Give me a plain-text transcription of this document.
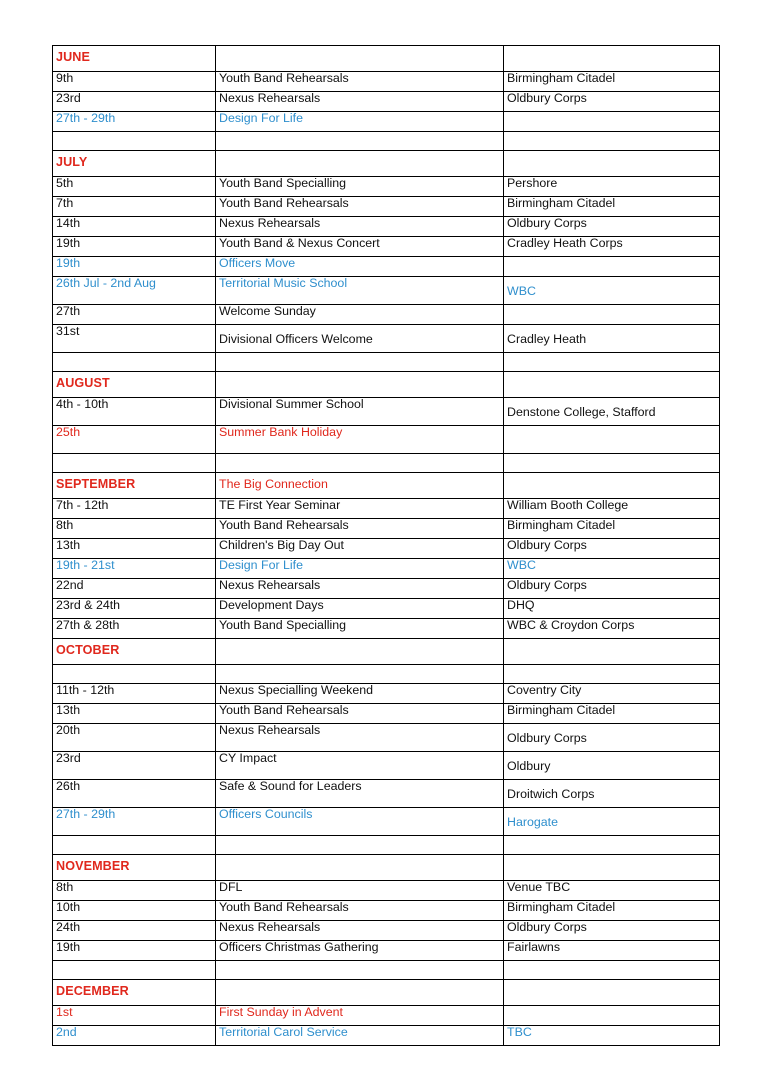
JUNE		

9th	Youth Band Rehearsals	Birmingham Citadel

23rd	Nexus Rehearsals	Oldbury Corps

27th - 29th	Design For Life	

JULY		

5th	Youth Band Specialling	Pershore

7th	Youth Band Rehearsals	Birmingham Citadel

14th	Nexus Rehearsals	Oldbury Corps

19th	Youth Band & Nexus Concert	Cradley Heath Corps

19th	Officers Move	

26th Jul - 2nd Aug	Territorial Music School	WBC

27th	Welcome Sunday	

31st	Divisional Officers Welcome	Cradley Heath

AUGUST		

4th - 10th	Divisional Summer School	Denstone College, Stafford

25th	Summer Bank Holiday	

SEPTEMBER	The Big Connection	

7th - 12th	TE First Year Seminar	William Booth College

8th	Youth Band Rehearsals	Birmingham Citadel

13th	Children's Big Day Out	Oldbury Corps

19th - 21st	Design For Life	WBC

22nd	Nexus Rehearsals	Oldbury Corps

23rd & 24th	Development Days	DHQ

27th & 28th	Youth Band Specialling	WBC & Croydon Corps

OCTOBER		

11th - 12th	Nexus Specialling Weekend	Coventry City

13th	Youth Band Rehearsals	Birmingham Citadel

20th	Nexus Rehearsals	Oldbury Corps

23rd	CY Impact	Oldbury

26th	Safe & Sound for Leaders	Droitwich Corps

27th - 29th	Officers Councils	Harogate

NOVEMBER		

8th	DFL	Venue TBC

10th	Youth Band Rehearsals	Birmingham Citadel

24th	Nexus Rehearsals	Oldbury Corps

19th	Officers Christmas Gathering	Fairlawns

DECEMBER		

1st	First Sunday in Advent	

2nd	Territorial Carol Service	TBC
